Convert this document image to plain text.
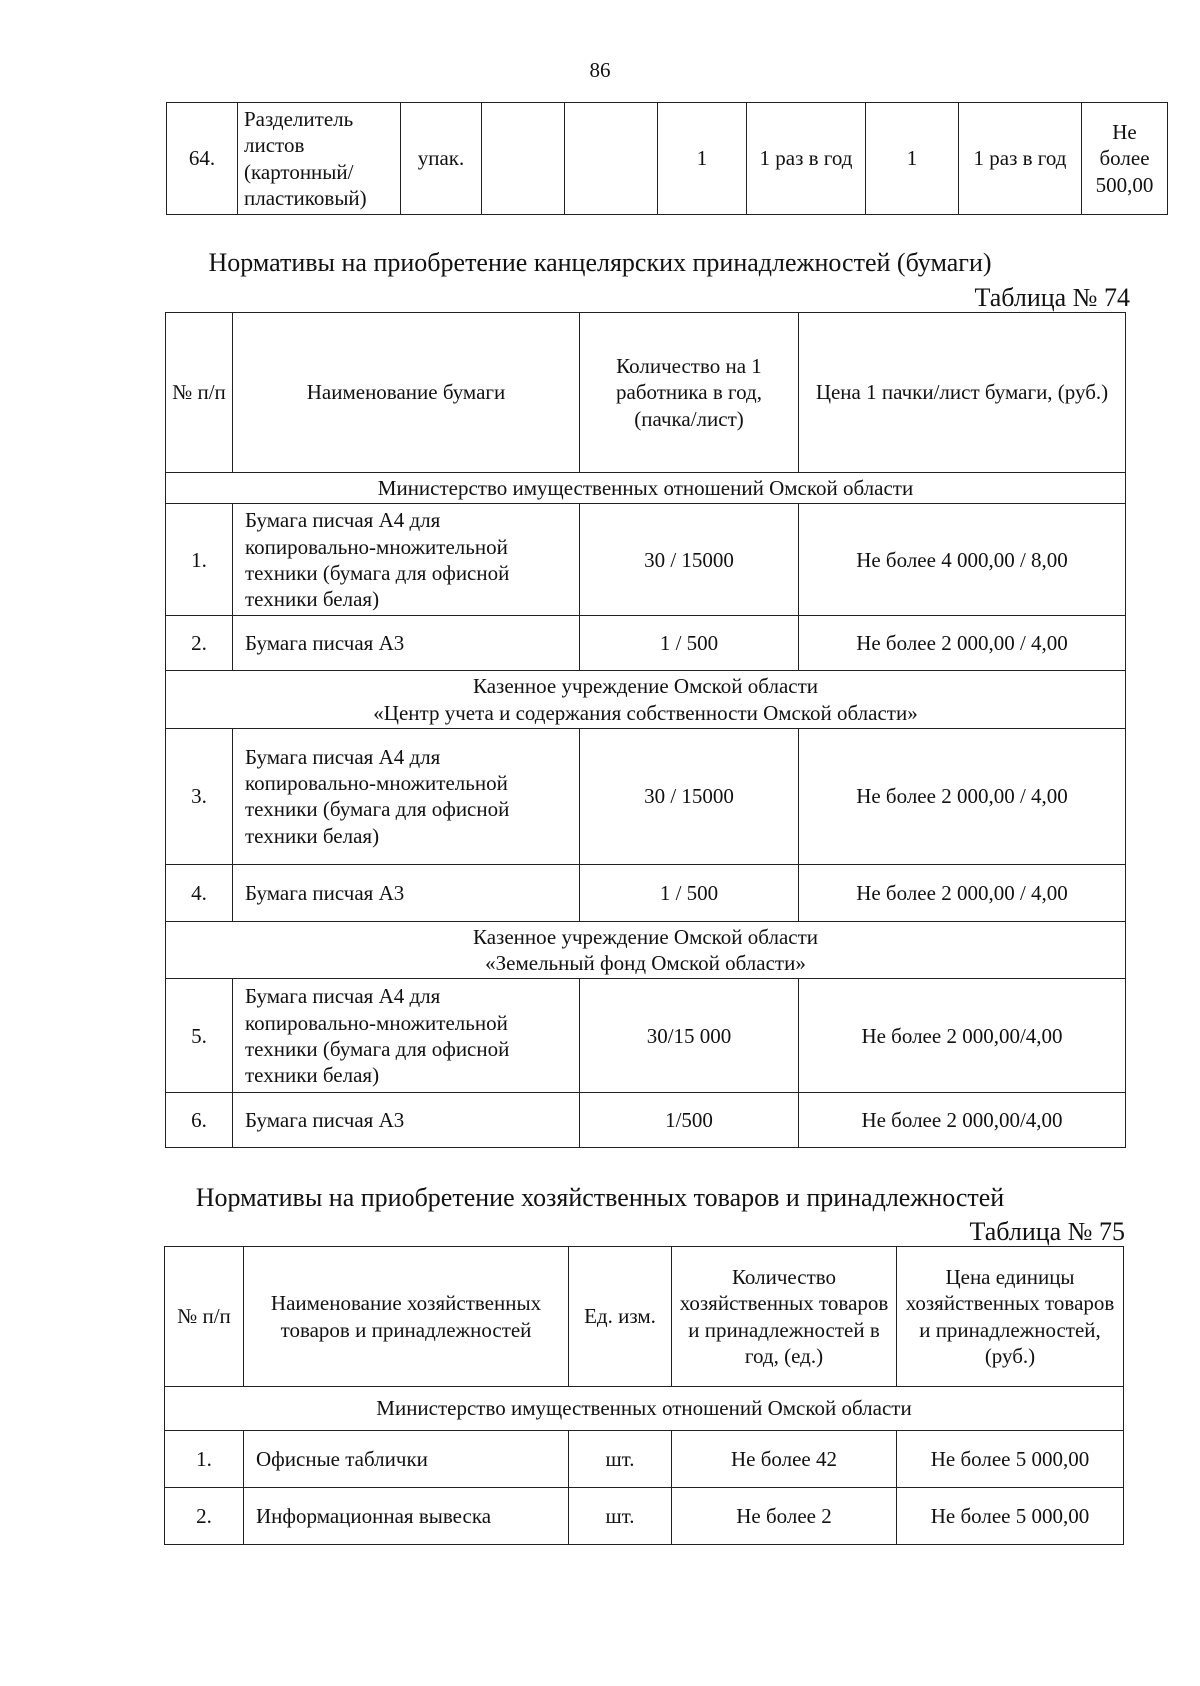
86
64.	Разделитель листов (картонный/ пластиковый)	упак.			1	1 раз в год	1	1 раз в год	Не более 500,00
Нормативы на приобретение канцелярских принадлежностей (бумаги)
Таблица № 74
№ п/п	Наименование бумаги	Количество на 1 работника в год, (пачка/лист)	Цена 1 пачки/лист бумаги, (руб.)
Министерство имущественных отношений Омской области			
1.	Бумага писчая А4 для копировально-множительной техники (бумага для офисной техники белая)	30 / 15000	Не более 4 000,00 / 8,00
2.	Бумага писчая А3	1 / 500	Не более 2 000,00 / 4,00

Казенное учреждение Омской области
«Центр учета и содержания собственности Омской области»			

3.	Бумага писчая А4 для копировально-множительной техники (бумага для офисной техники белая)	30 / 15000	Не более 2 000,00 / 4,00
4.	Бумага писчая А3	1 / 500	Не более 2 000,00 / 4,00

Казенное учреждение Омской области
«Земельный фонд Омской области»			

5.	Бумага писчая А4 для копировально-множительной техники (бумага для офисной техники белая)	30/15 000	Не более 2 000,00/4,00
6.	Бумага писчая А3	1/500	Не более 2 000,00/4,00
Нормативы на приобретение хозяйственных товаров и принадлежностей
Таблица № 75
№ п/п	Наименование хозяйственных товаров и принадлежностей	Ед. изм.	Количество хозяйственных товаров и принадлежностей в год, (ед.)	Цена единицы хозяйственных товаров и принадлежностей, (руб.)
Министерство имущественных отношений Омской области				
1.	Офисные таблички	шт.	Не более 42	Не более 5 000,00
2.	Информационная вывеска	шт.	Не более 2	Не более 5 000,00
